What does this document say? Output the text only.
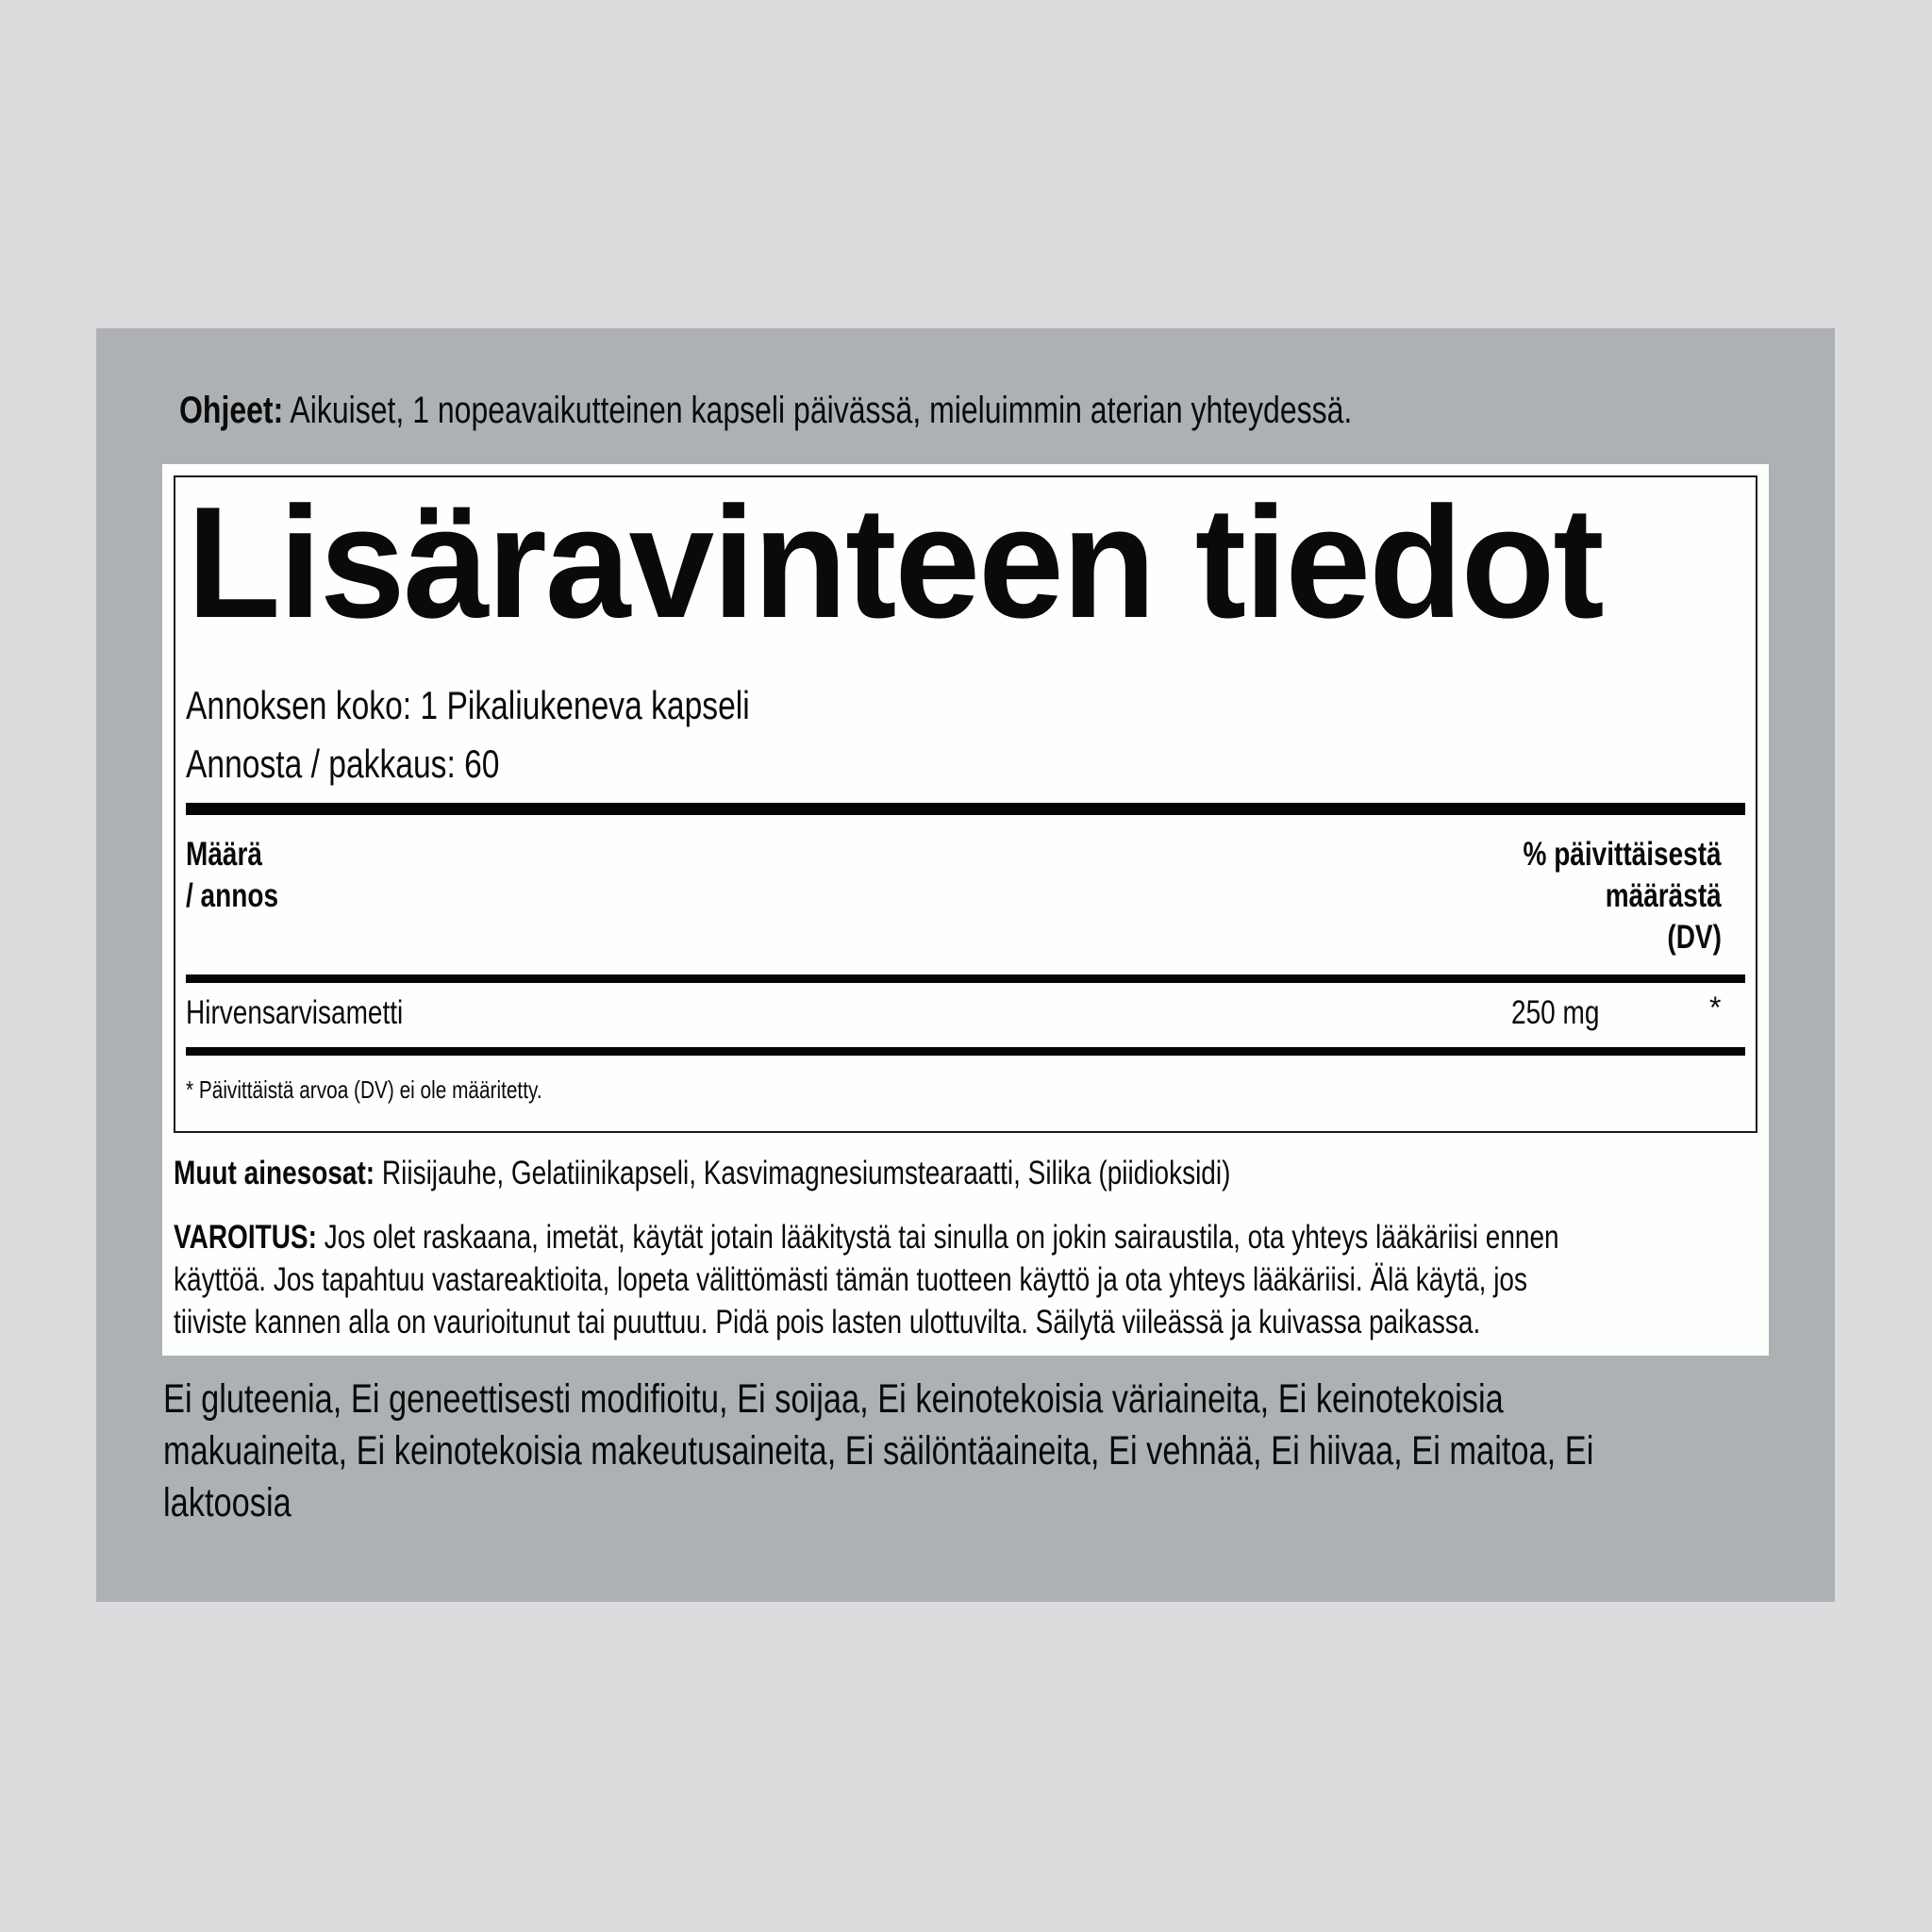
Ohjeet: Aikuiset, 1 nopeavaikutteinen kapseli päivässä, mieluimmin aterian yhteydessä.
Lisäravinteen tiedot
Annoksen koko: 1 Pikaliukeneva kapseli
Annosta / pakkaus: 60
Määrä
/ annos
% päivittäisestä
määrästä
(DV)
Hirvensarvisametti	250 mg	*
* Päivittäistä arvoa (DV) ei ole määritetty.
Muut ainesosat: Riisijauhe, Gelatiinikapseli, Kasvimagnesiumstearaatti, Silika (piidioksidi)
VAROITUS: Jos olet raskaana, imetät, käytät jotain lääkitystä tai sinulla on jokin sairaustila, ota yhteys lääkäriisi ennen
käyttöä. Jos tapahtuu vastareaktioita, lopeta välittömästi tämän tuotteen käyttö ja ota yhteys lääkäriisi. Älä käytä, jos
tiiviste kannen alla on vaurioitunut tai puuttuu. Pidä pois lasten ulottuvilta. Säilytä viileässä ja kuivassa paikassa.
Ei gluteenia, Ei geneettisesti modifioitu, Ei soijaa, Ei keinotekoisia väriaineita, Ei keinotekoisia
makuaineita, Ei keinotekoisia makeutusaineita, Ei säilöntäaineita, Ei vehnää, Ei hiivaa, Ei maitoa, Ei
laktoosia
